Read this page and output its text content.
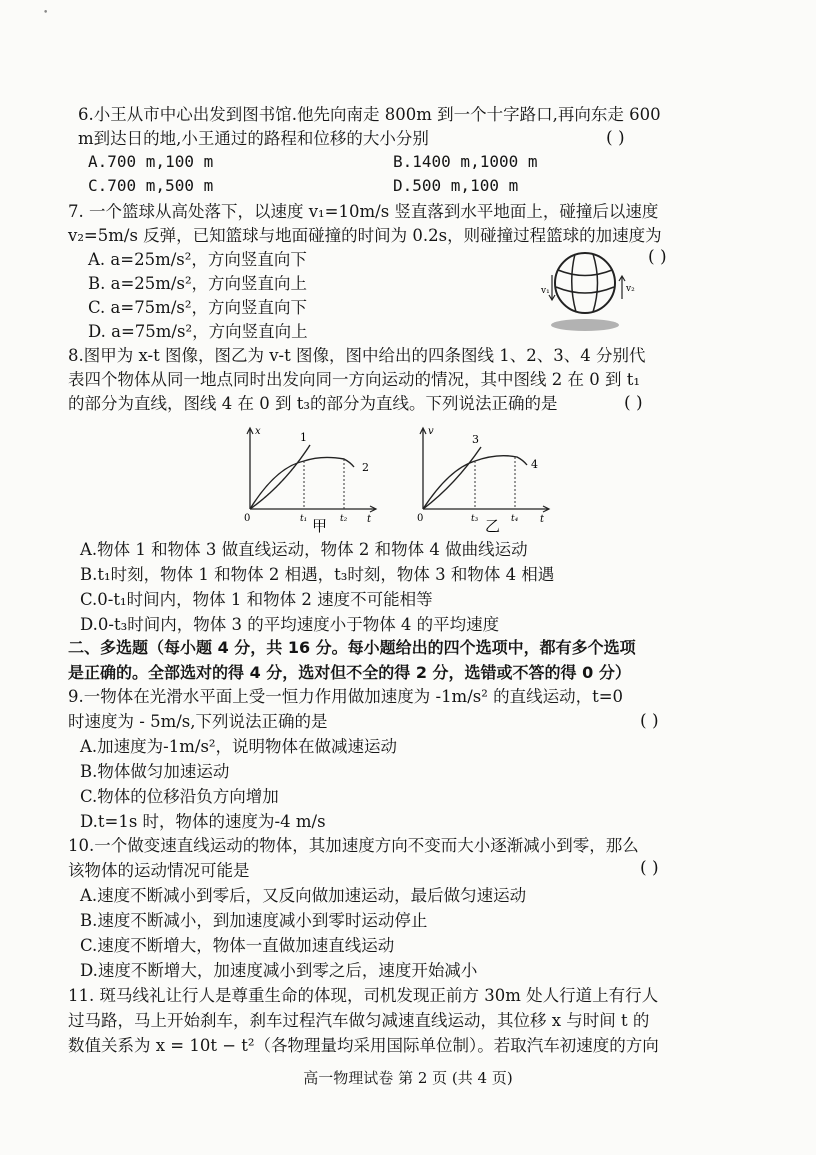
•
6.小王从市中心出发到图书馆.他先向南走 800m 到一个十字路口,再向东走 600
m到达日的地,小王通过的路程和位移的大小分别	( )
A.700 m,100 m	B.1400 m,1000 m
C.700 m,500 m	D.500 m,100 m
7. 一个篮球从高处落下，以速度 v₁=10m/s 竖直落到水平地面上，碰撞后以速度
v₂=5m/s 反弹，已知篮球与地面碰撞的时间为 0.2s，则碰撞过程篮球的加速度为
( )
A. a=25m/s²，方向竖直向下
B. a=25m/s²，方向竖直向上
C. a=75m/s²，方向竖直向下
D. a=75m/s²，方向竖直向上
v₁	v₂
8.图甲为 x-t 图像，图乙为 v-t 图像，图中给出的四条图线 1、2、3、4 分别代
表四个物体从同一地点同时出发向同一方向运动的情况，其中图线 2 在 0 到 t₁
的部分为直线，图线 4 在 0 到 t₃的部分为直线。下列说法正确的是	( )
x
t
0
1
2
t₁	t₂
甲
v
t
0
3
4
t₃	t₄
乙
A.物体 1 和物体 3 做直线运动，物体 2 和物体 4 做曲线运动
B.t₁时刻，物体 1 和物体 2 相遇，t₃时刻，物体 3 和物体 4 相遇
C.0-t₁时间内，物体 1 和物体 2 速度不可能相等
D.0-t₃时间内，物体 3 的平均速度小于物体 4 的平均速度
二、多选题（每小题 4 分，共 16 分。每小题给出的四个选项中，都有多个选项
是正确的。全部选对的得 4 分，选对但不全的得 2 分，选错或不答的得 0 分）
9.一物体在光滑水平面上受一恒力作用做加速度为 -1m/s² 的直线运动，t=0
时速度为 - 5m/s,下列说法正确的是	( )
A.加速度为-1m/s²，说明物体在做减速运动
B.物体做匀加速运动
C.物体的位移沿负方向增加
D.t=1s 时，物体的速度为-4 m/s
10.一个做变速直线运动的物体，其加速度方向不变而大小逐渐减小到零，那么
该物体的运动情况可能是	( )
A.速度不断减小到零后，又反向做加速运动，最后做匀速运动
B.速度不断减小，到加速度减小到零时运动停止
C.速度不断增大，物体一直做加速直线运动
D.速度不断增大，加速度减小到零之后，速度开始减小
11. 斑马线礼让行人是尊重生命的体现，司机发现正前方 30m 处人行道上有行人
过马路，马上开始刹车，刹车过程汽车做匀减速直线运动，其位移 x 与时间 t 的
数值关系为 x = 10t − t²（各物理量均采用国际单位制）。若取汽车初速度的方向
高一物理试卷 第 2 页 (共 4 页)
